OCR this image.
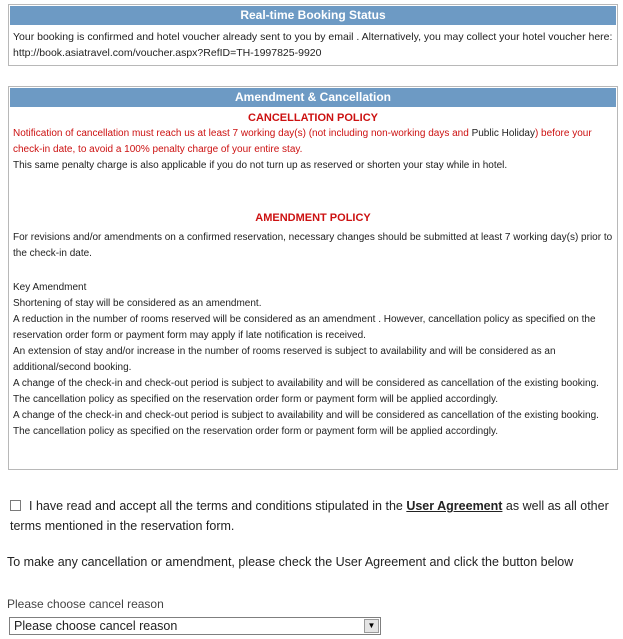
Real-time Booking Status
Your booking is confirmed and hotel voucher already sent to you by email . Alternatively, you may collect your hotel voucher here: http://book.asiatravel.com/voucher.aspx?RefID=TH-1997825-9920
Amendment & Cancellation
CANCELLATION POLICY
Notification of cancellation must reach us at least 7 working day(s) (not including non-working days and Public Holiday) before your check-in date, to avoid a 100% penalty charge of your entire stay.
This same penalty charge is also applicable if you do not turn up as reserved or shorten your stay while in hotel.
AMENDMENT POLICY
For revisions and/or amendments on a confirmed reservation, necessary changes should be submitted at least 7 working day(s) prior to the check-in date.
Key Amendment
Shortening of stay will be considered as an amendment.
A reduction in the number of rooms reserved will be considered as an amendment . However, cancellation policy as specified on the reservation order form or payment form may apply if late notification is received.
An extension of stay and/or increase in the number of rooms reserved is subject to availability and will be considered as an additional/second booking.
A change of the check-in and check-out period is subject to availability and will be considered as cancellation of the existing booking. The cancellation policy as specified on the reservation order form or payment form will be applied accordingly.
A change of the check-in and check-out period is subject to availability and will be considered as cancellation of the existing booking. The cancellation policy as specified on the reservation order form or payment form will be applied accordingly.
I have read and accept all the terms and conditions stipulated in the User Agreement as well as all other terms mentioned in the reservation form.
To make any cancellation or amendment, please check the User Agreement and click the button below
Please choose cancel reason
Please choose cancel reason	▼
